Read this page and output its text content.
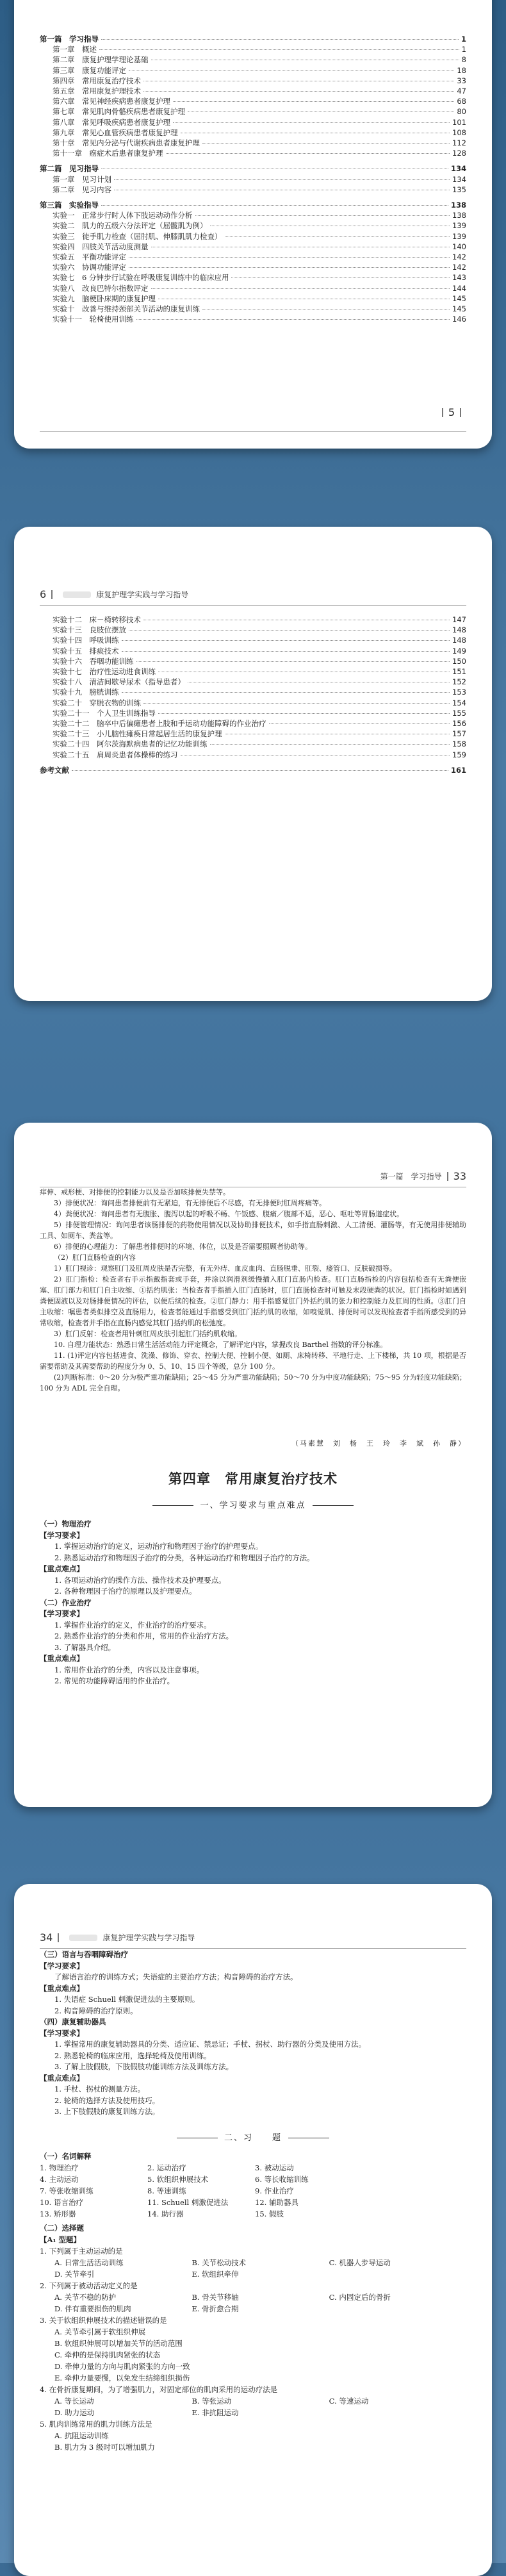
第一篇　学习指导	1
第一章　概述	1
第二章　康复护理学理论基础	8
第三章　康复功能评定	18
第四章　常用康复治疗技术	33
第五章　常用康复护理技术	47
第六章　常见神经疾病患者康复护理	68
第七章　常见肌肉骨骼疾病患者康复护理	80
第八章　常见呼吸疾病患者康复护理	101
第九章　常见心血管疾病患者康复护理	108
第十章　常见内分泌与代谢疾病患者康复护理	112
第十一章　癌症术后患者康复护理	128
第二篇　见习指导	134
第一章　见习计划	134
第二章　见习内容	135
第三篇　实验指导	138
实验一　正常步行时人体下肢运动动作分析	138
实验二　肌力的五级六分法评定（屈髋肌为例）	139
实验三　徒手肌力检查（屈肘肌、伸膝肌肌力检查）	139
实验四　四肢关节活动度测量	140
实验五　平衡功能评定	142
实验六　协调功能评定	142
实验七　6 分钟步行试验在呼吸康复训练中的临床应用	143
实验八　改良巴特尔指数评定	144
实验九　脑梗卧床期的康复护理	145
实验十　改善与维持颈部关节活动的康复训练	145
实验十一　轮椅使用训练	146
5
6	康复护理学实践与学习指导
实验十二　床－椅转移技术	147
实验十三　良肢位摆放	148
实验十四　呼吸训练	148
实验十五　排痰技术	149
实验十六　吞咽功能训练	150
实验十七　治疗性运动进食训练	151
实验十八　清洁间歇导尿术（指导患者）	152
实验十九　膀胱训练	153
实验二十　穿脱衣物的训练	154
实验二十一　个人卫生训练指导	155
实验二十二　脑卒中后偏瘫患者上肢和手运动功能障碍的作业治疗	156
实验二十三　小儿脑性瘫痪日常起居生活的康复护理	157
实验二十四　阿尔茨海默病患者的记忆功能训练	158
实验二十五　肩周炎患者体操棒的练习	159
参考文献	161
第一篇　学习指导 33

痒伸、戒形梗、对排便的控制能力以及是否加咳排便失禁等。

3）排便状况：询问患者排便前有无紧迫，有无排便后不尽感，有无排便时肛周疼痛等。

4）粪便状况：询问患者有无腹胀、腹泻以起的呼吸不畅、午饭感、腹痛／腹部不适，恶心、呕吐等胃肠道症状。

5）排便管理情况：询问患者该肠排便的药物使用情况以及协助排便技术，如手指直肠刺激、人工清便、灌肠等，有无使用排便辅助工具、如厕车、粪盆等。

6）排便的心理能力：了解患者排便时的环境、体位，以及是否需要照顾者协助等。

（2）肛门直肠检查的内容

1）肛门视诊：观察肛门及肛周皮肤是否完整，有无外痔、血皮血肉、直肠脱垂、肛裂、瘘管口、反肤破损等。

2）肛门指检：检查者右手示指戴指套或手套，并涂以润滑剂缓慢插入肛门直肠内检查。肛门直肠指检的内容包括检查有无粪便嵌塞、肛门部力和肛门自主收缩、①括约肌张：当检查者手指插入肛门直肠时，肛门直肠检查时可触及末段硬粪的状况。肛门指检时如遇到粪便固液以及对肠排便情况的评估，以便后续的检查。②肛门静力：用手指感觉肛门外括约肌的张力和控制能力及肛周的性质。③肛门自主收缩：嘱患者类似排空及直肠用力，检查者能通过手指感受到肛门括约肌的收缩，如嗅觉肌、排便时可以发现检查者手指所感受到的异常收缩，检查者并手指在直肠内感觉其肛门括约肌的松弛度。

3）肛门反射：检查者用针刺肛周皮肤引起肛门括约肌收缩。

10. 自理力能状态：熟悉日常生活活动能力评定概念，了解评定内容，掌握改良 Barthel 指数的评分标准。

11. (1)评定内容包括进食、洗澡、修饰、穿衣、控制大便、控制小便、如厕、床椅转移、平地行走、上下楼梯，共 10 项，根据是否需要帮助及其需要帮助的程度分为 0、5、10、15 四个等级，总分 100 分。

(2)判断标准：0～20 分为极严重功能缺陷；25～45 分为严重功能缺陷；50～70 分为中度功能缺陷；75～95 分为轻度功能缺陷；100 分为 ADL 完全自理。

（马素慧　刘　杨　王　玲　李　斌　孙　静）
第四章　常用康复治疗技术
一、学习要求与重点难点
（一）物理治疗
【学习要求】
1. 掌握运动治疗的定义，运动治疗和物理因子治疗的护理要点。
2. 熟悉运动治疗和物理因子治疗的分类，各种运动治疗和物理因子治疗的方法。
【重点难点】
1. 各项运动治疗的操作方法、操作技术及护理要点。
2. 各种物理因子治疗的原理以及护理要点。
（二）作业治疗
【学习要求】
1. 掌握作业治疗的定义，作业治疗的治疗要求。
2. 熟悉作业治疗的分类和作用，常用的作业治疗方法。
3. 了解器具介绍。
【重点难点】
1. 常用作业治疗的分类，内容以及注意事项。
2. 常见的功能障碍适用的作业治疗。
34	康复护理学实践与学习指导
（三）语言与吞咽障碍治疗
【学习要求】
了解语言治疗的训练方式；失语症的主要治疗方法；构音障碍的治疗方法。
【重点难点】
1. 失语症 Schuell 刺激促进法的主要原则。
2. 构音障碍的治疗原则。
（四）康复辅助器具
【学习要求】
1. 掌握常用的康复辅助器具的分类、适应证、禁忌证；手杖、拐杖、助行器的分类及使用方法。
2. 熟悉轮椅的临床应用，选择轮椅及使用训练。
3. 了解上肢假肢，下肢假肢功能训练方法及训练方法。
【重点难点】
1. 手杖、拐杖的测量方法。
2. 轮椅的选择方法及使用技巧。
3. 上下肢假肢的康复训练方法。
二、习　　题
（一）名词解释
1. 物理治疗	2. 运动治疗	3. 被动运动
4. 主动运动	5. 软组织伸展技术	6. 等长收缩训练
7. 等张收缩训练	8. 等速训练	9. 作业治疗
10. 语言治疗	11. Schuell 刺激促进法	12. 辅助器具
13. 矫形器	14. 助行器	15. 假肢
（二）选择题
【A₁ 型题】
1. 下列属于主动运动的是
A. 日常生活活动训练	B. 关节松动技术	C. 机器人步导运动
D. 关节牵引	E. 软组织牵伸
2. 下列属于被动活动定义的是
A. 关节不稳的防护	B. 骨关节移轴	C. 内固定后的骨折
D. 伴有重要损伤的肌肉	E. 骨折愈合期
3. 关于软组织伸展技术的描述错误的是
A. 关节牵引属于软组织伸展
B. 软组织伸展可以增加关节的活动范围
C. 牵伸的是保持肌肉紧张的状态
D. 牵伸力量的方向与肌肉紧张的方向一致
E. 牵伸力量要慢，以免发生结缔组织损伤
4. 在骨折康复期间，为了增强肌力，对固定部位的肌肉采用的运动疗法是
A. 等长运动	B. 等张运动	C. 等速运动
D. 助力运动	E. 非抗阻运动
5. 肌肉训练常用的肌力训练方法是
A. 抗阻运动训练
B. 肌力为 3 级时可以增加肌力
